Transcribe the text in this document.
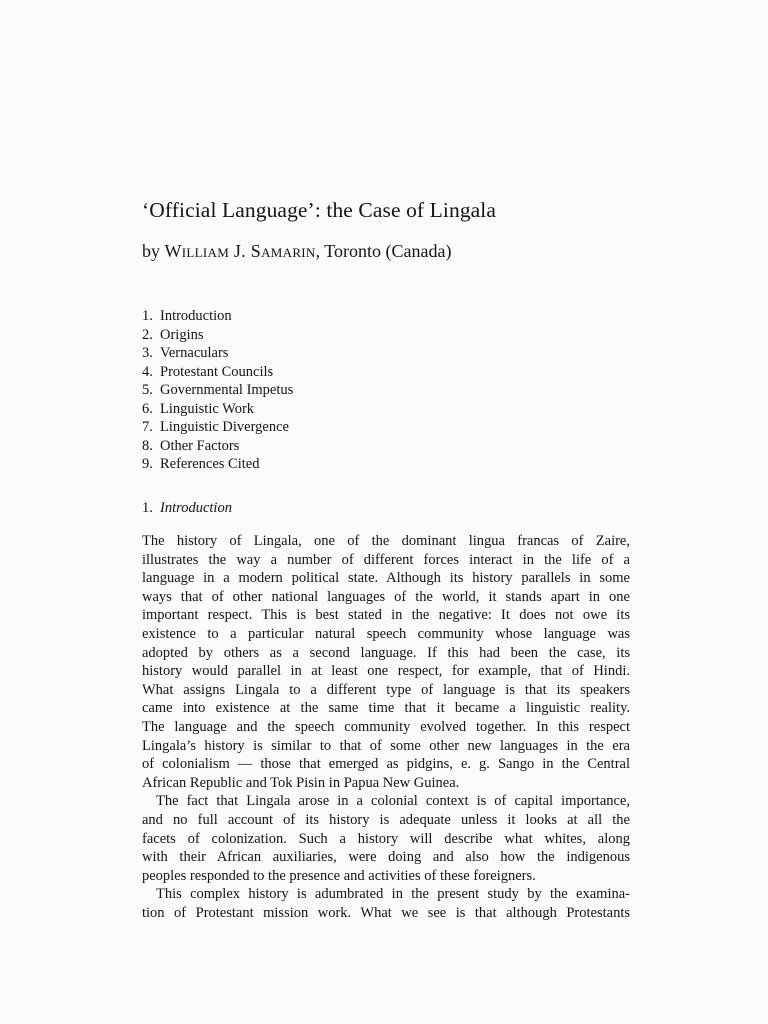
‘Official Language’: the Case of Lingala

by William J. Samarin, Toronto (Canada)

1. Introduction
2. Origins
3. Vernaculars
4. Protestant Councils
5. Governmental Impetus
6. Linguistic Work
7. Linguistic Divergence
8. Other Factors
9. References Cited
1. Introduction
The history of Lingala, one of the dominant lingua francas of Zaire,
illustrates the way a number of different forces interact in the life of a
language in a modern political state. Although its history parallels in some
ways that of other national languages of the world, it stands apart in one
important respect. This is best stated in the negative: It does not owe its
existence to a particular natural speech community whose language was
adopted by others as a second language. If this had been the case, its
history would parallel in at least one respect, for example, that of Hindi.
What assigns Lingala to a different type of language is that its speakers
came into existence at the same time that it became a linguistic reality.
The language and the speech community evolved together. In this respect
Lingala’s history is similar to that of some other new languages in the era
of colonialism — those that emerged as pidgins, e. g. Sango in the Central
African Republic and Tok Pisin in Papua New Guinea.
The fact that Lingala arose in a colonial context is of capital importance,
and no full account of its history is adequate unless it looks at all the
facets of colonization. Such a history will describe what whites, along
with their African auxiliaries, were doing and also how the indigenous
peoples responded to the presence and activities of these foreigners.
This complex history is adumbrated in the present study by the examina-
tion of Protestant mission work. What we see is that although Protestants
